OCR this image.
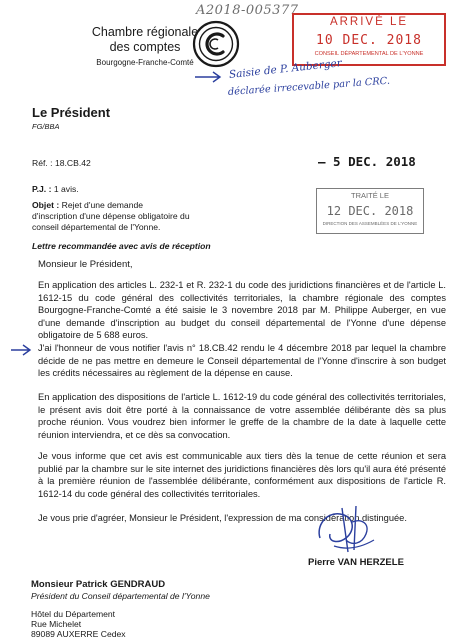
A2018-005377
Chambre régionale
des comptes
Bourgogne-Franche-Comté
ARRIVÉ LE
10 DEC. 2018
CONSEIL DÉPARTEMENTAL DE L'YONNE
Saisie de P. Auberger
déclarée irrecevable par la CRC.
Le Président
FG/BBA
Réf. : 18.CB.42	– 5 DEC. 2018
P.J. : 1 avis.
Objet : Rejet d'une demande
d'inscription d'une dépense obligatoire du
conseil départemental de l'Yonne.
Lettre recommandée avec avis de réception
TRAITÉ LE
12 DEC. 2018
DIRECTION DES ASSEMBLÉES DE L'YONNE
Monsieur le Président,
En application des articles L. 232-1 et R. 232-1 du code des juridictions financières et de l'article L. 1612-15 du code général des collectivités territoriales, la chambre régionale des comptes Bourgogne-Franche-Comté a été saisie le 3 novembre 2018 par M. Philippe Auberger, en vue d'une demande d'inscription au budget du conseil départemental de l'Yonne d'une dépense obligatoire de 5 688 euros.
J'ai l'honneur de vous notifier l'avis n° 18.CB.42 rendu le 4 décembre 2018 par lequel la chambre décide de ne pas mettre en demeure le Conseil départemental de l'Yonne d'inscrire à son budget les crédits nécessaires au règlement de la dépense en cause.
En application des dispositions de l'article L. 1612-19 du code général des collectivités territoriales, le présent avis doit être porté à la connaissance de votre assemblée délibérante dès sa plus proche réunion. Vous voudrez bien informer le greffe de la chambre de la date à laquelle cette réunion interviendra, et ce dès sa convocation.
Je vous informe que cet avis est communicable aux tiers dès la tenue de cette réunion et sera publié par la chambre sur le site internet des juridictions financières dès lors qu'il aura été présenté à la première réunion de l'assemblée délibérante, conformément aux dispositions de l'article R. 1612-14 du code général des collectivités territoriales.
Je vous prie d'agréer, Monsieur le Président, l'expression de ma considération distinguée.
Pierre VAN HERZELE
Monsieur Patrick GENDRAUD
Président du Conseil départemental de l'Yonne
Hôtel du Département
Rue Michelet
89089 AUXERRE Cedex
